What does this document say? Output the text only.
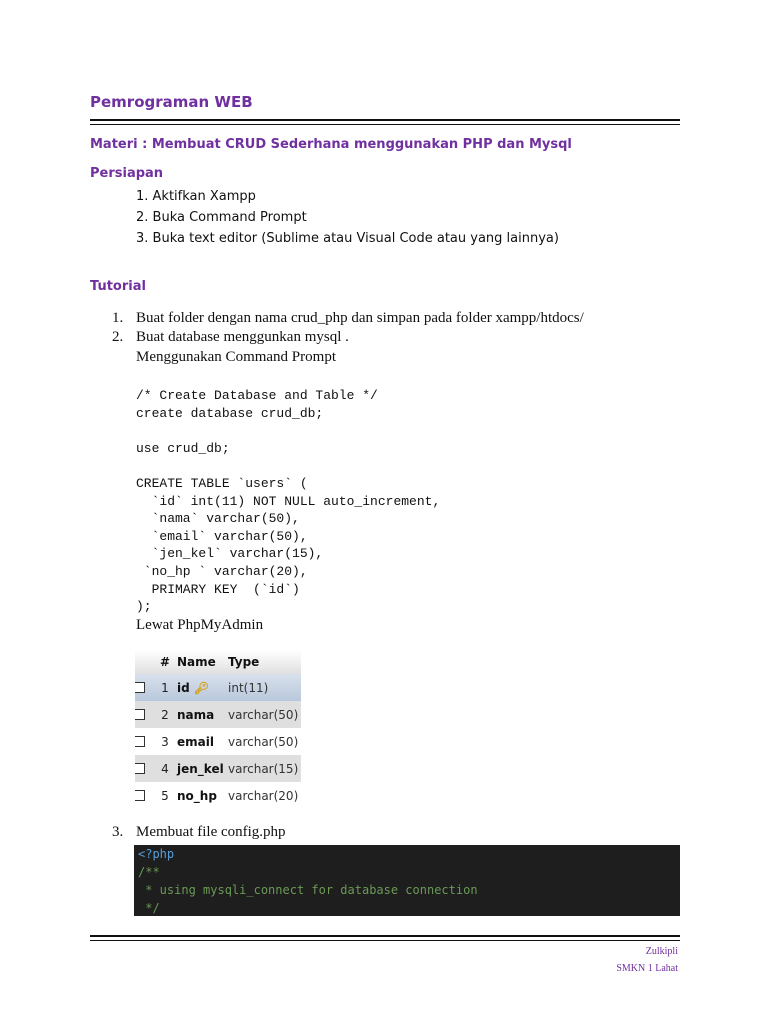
Pemrograman WEB
Materi : Membuat CRUD Sederhana menggunakan PHP dan Mysql
Persiapan
1. Aktifkan Xampp
2. Buka Command Prompt
3. Buka text editor (Sublime atau Visual Code atau yang lainnya)
Tutorial
1. Buat folder dengan nama crud_php dan simpan pada folder xampp/htdocs/
2. Buat database menggunkan mysql .
Menggunakan Command Prompt
/* Create Database and Table */
create database crud_db;

use crud_db;

CREATE TABLE `users` (
`id` int(11) NOT NULL auto_increment,
`nama` varchar(50),
`email` varchar(50),
`jen_kel` varchar(15),
`no_hp ` varchar(20),
PRIMARY KEY  (`id`)
);
Lewat PhpMyAdmin
# Name	Type
1 id 🔑︎	int(11)
2 nama	varchar(50)
3 email	varchar(50)
4 jen_kel varchar(15)
5 no_hp varchar(20)
3. Membuat file config.php
<?php
/**
* using mysqli_connect for database connection
*/
Zulkipli
SMKN 1 Lahat
